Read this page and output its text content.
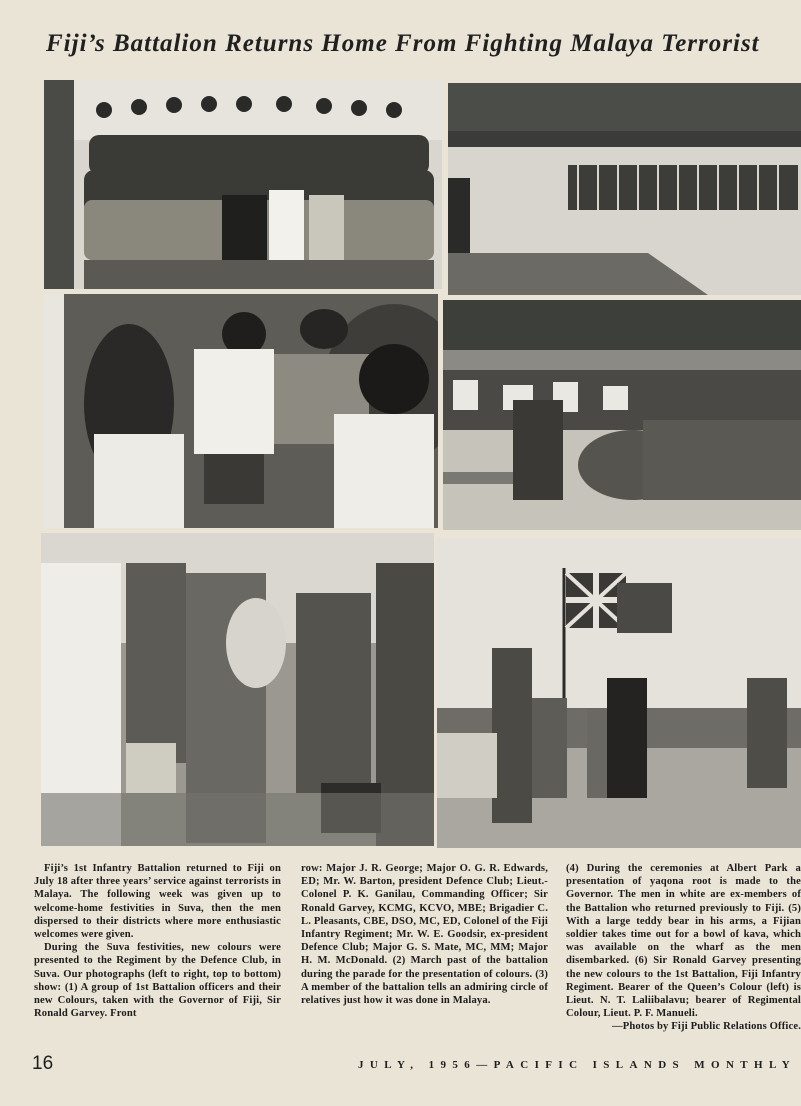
Fiji’s Battalion Returns Home From Fighting Malaya Terrorist

Fiji’s 1st Infantry Battalion returned to Fiji on July 18 after three years’ service against terrorists in Malaya. The following week was given up to welcome-home festivities in Suva, then the men dispersed to their districts where more enthusiastic welcomes were given.

During the Suva festivities, new colours were presented to the Regiment by the Defence Club, in Suva. Our photographs (left to right, top to bottom) show: (1) A group of 1st Battalion officers and their new Colours, taken with the Governor of Fiji, Sir Ronald Garvey. Front

row: Major J. R. George; Major O. G. R. Edwards, ED; Mr. W. Barton, president Defence Club; Lieut.-Colonel P. K. Ganilau, Commanding Officer; Sir Ronald Garvey, KCMG, KCVO, MBE; Brigadier C. L. Pleasants, CBE, DSO, MC, ED, Colonel of the Fiji Infantry Regiment; Mr. W. E. Goodsir, ex-president Defence Club; Major G. S. Mate, MC, MM; Major H. M. McDonald. (2) March past of the battalion during the parade for the presentation of colours. (3) A member of the battalion tells an admiring circle of relatives just how it was done in Malaya.

(4) During the ceremonies at Albert Park a presentation of yaqona root is made to the Governor. The men in white are ex-members of the Battalion who returned previously to Fiji. (5) With a large teddy bear in his arms, a Fijian soldier takes time out for a bowl of kava, which was available on the wharf as the men disembarked. (6) Sir Ronald Garvey presenting the new colours to the 1st Battalion, Fiji Infantry Regiment. Bearer of the Queen’s Colour (left) is Lieut. N. T. Laliibalavu; bearer of Regimental Colour, Lieut. P. F. Manueli.

—Photos by Fiji Public Relations Office.
16	JULY, 1956—PACIFIC ISLANDS MONTHLY
